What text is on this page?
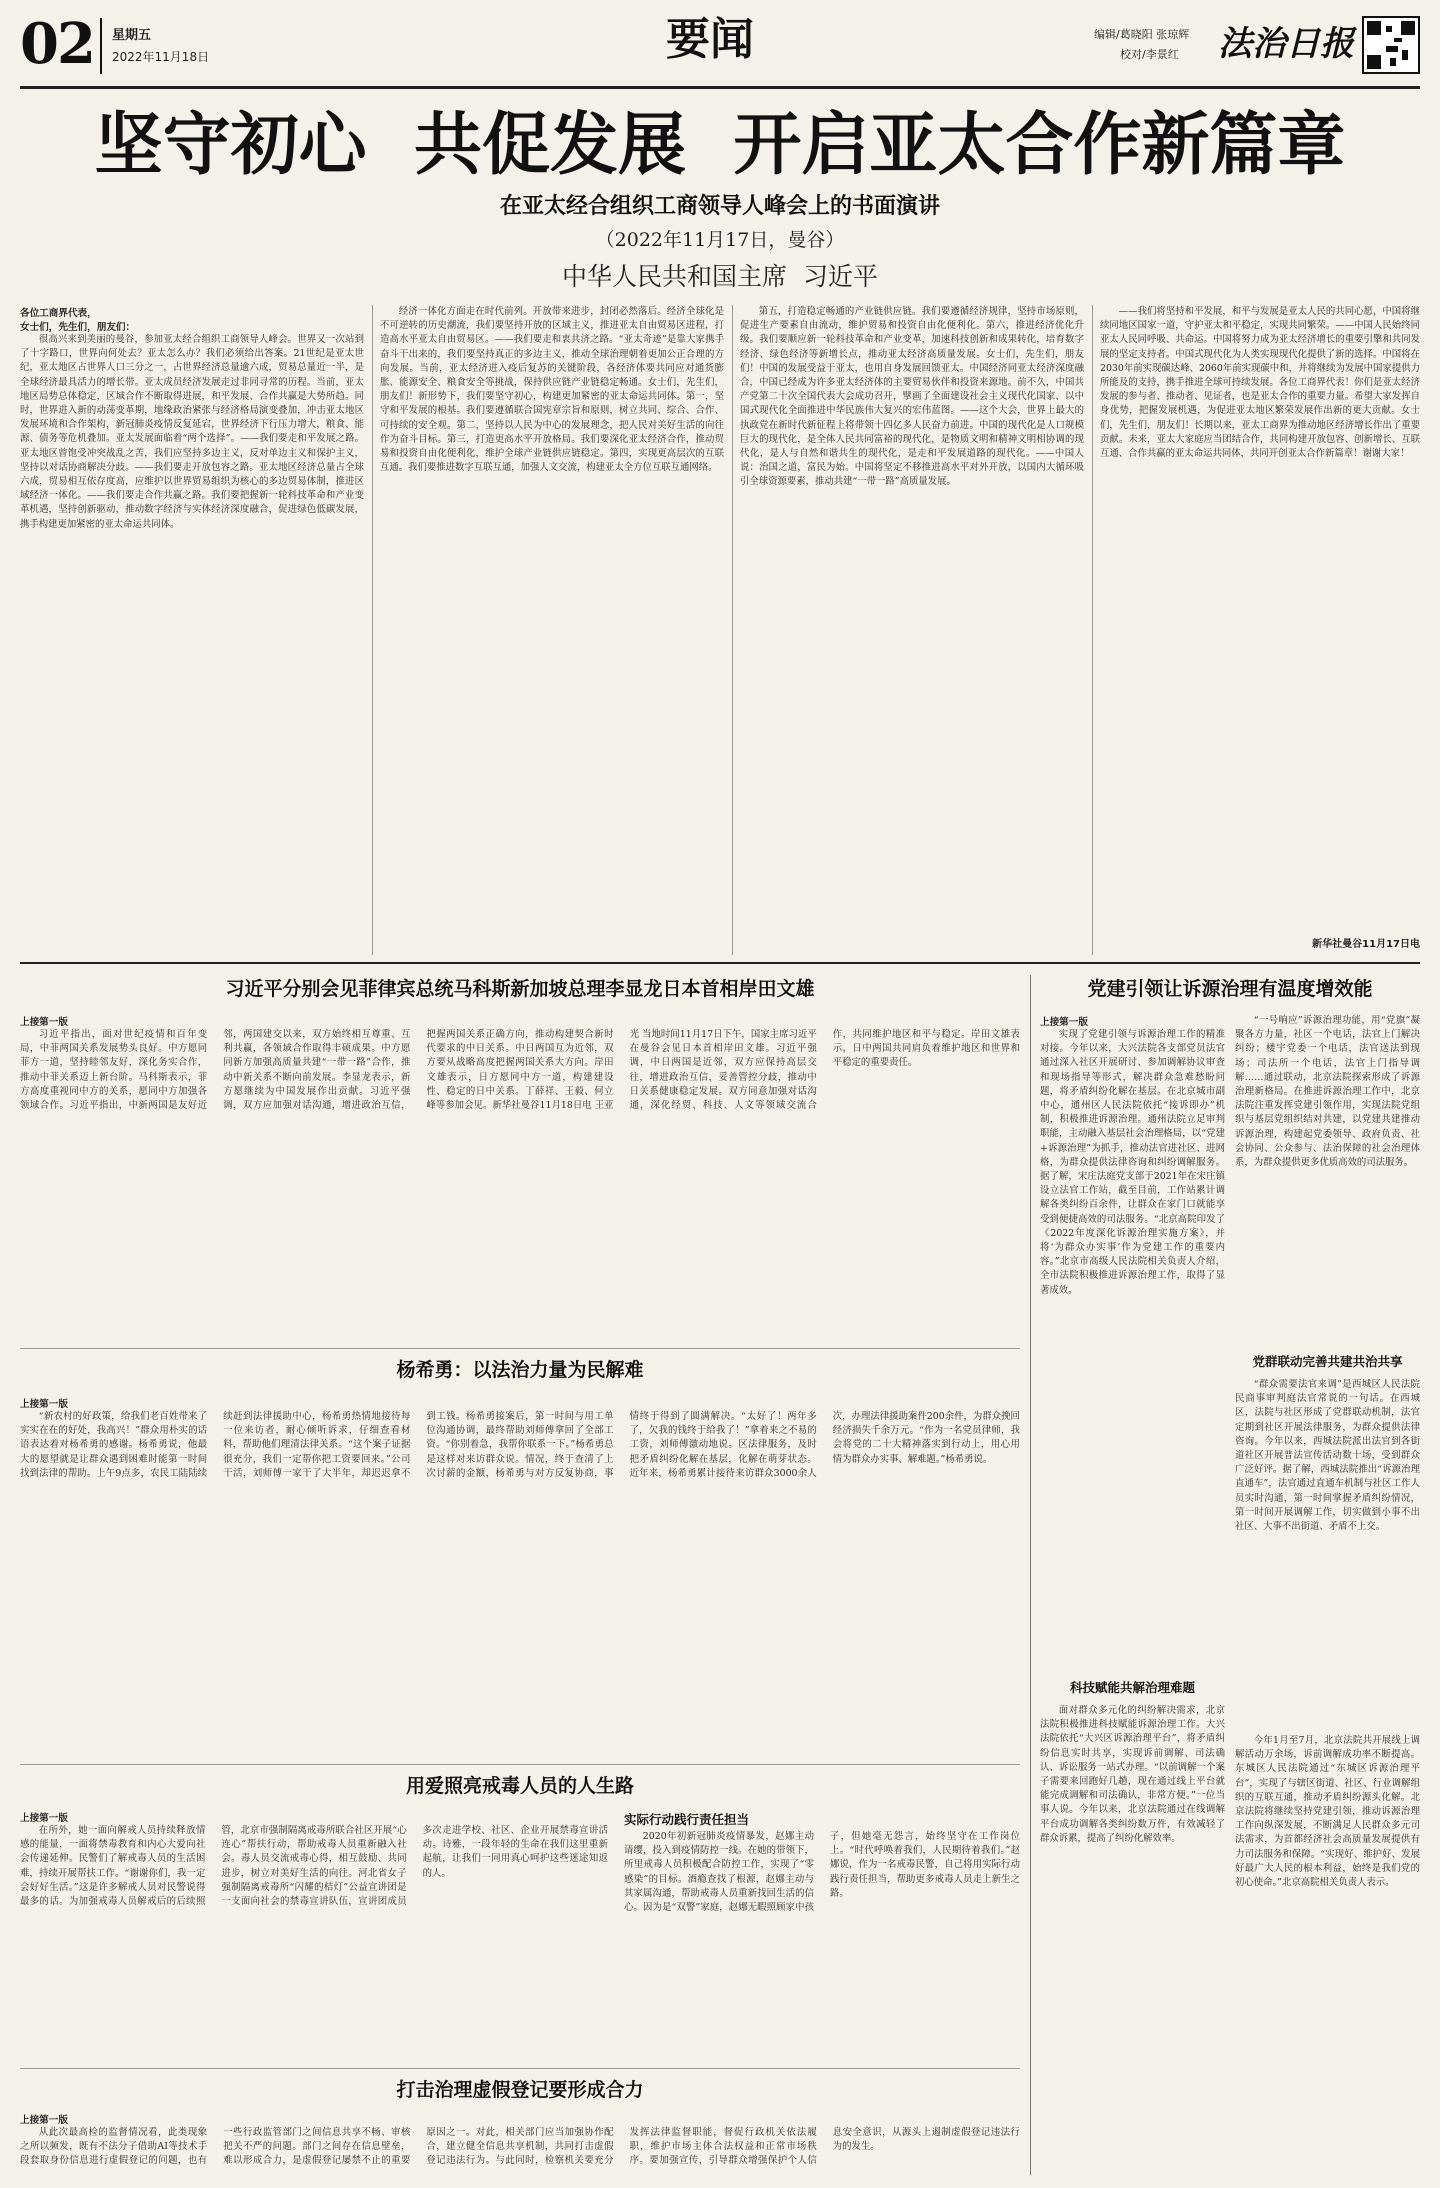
02 星期五
2022年11月18日	要闻	编辑/葛晓阳 张琼辉
校对/李景红 法治日报
坚守初心  共促发展  开启亚太合作新篇章
在亚太经合组织工商领导人峰会上的书面演讲
（2022年11月17日，曼谷）
中华人民共和国主席  习近平
各位工商界代表，
女士们，先生们，朋友们：
很高兴来到美丽的曼谷，参加亚太经合组织工商领导人峰会。世界又一次站到了十字路口，世界向何处去？亚太怎么办？我们必须给出答案。21世纪是亚太世纪，亚太地区占世界人口三分之一，占世界经济总量逾六成，贸易总量近一半，是全球经济最具活力的增长带。亚太成员经济发展走过非同寻常的历程。当前，亚太地区局势总体稳定，区域合作不断取得进展，和平发展、合作共赢是大势所趋。同时，世界进入新的动荡变革期，地缘政治紧张与经济格局演变叠加，冲击亚太地区发展环境和合作架构，新冠肺炎疫情反复延宕，世界经济下行压力增大，粮食、能源、债务等危机叠加。亚太发展面临着“两个选择”。——我们要走和平发展之路。亚太地区曾饱受冲突战乱之苦，我们应坚持多边主义，反对单边主义和保护主义，坚持以对话协商解决分歧。——我们要走开放包容之路。亚太地区经济总量占全球六成，贸易相互依存度高，应维护以世界贸易组织为核心的多边贸易体制，推进区域经济一体化。——我们要走合作共赢之路。我们要把握新一轮科技革命和产业变革机遇，坚持创新驱动，推动数字经济与实体经济深度融合，促进绿色低碳发展，携手构建更加紧密的亚太命运共同体。
经济一体化方面走在时代前列。开放带来进步，封闭必然落后。经济全球化是不可逆转的历史潮流，我们要坚持开放的区域主义，推进亚太自由贸易区进程，打造高水平亚太自由贸易区。——我们要走和衷共济之路。“亚太奇迹”是靠大家携手奋斗干出来的，我们要坚持真正的多边主义，推动全球治理朝着更加公正合理的方向发展。当前，亚太经济进入疫后复苏的关键阶段，各经济体要共同应对通货膨胀、能源安全、粮食安全等挑战，保持供应链产业链稳定畅通。女士们，先生们，朋友们！新形势下，我们要坚守初心，构建更加紧密的亚太命运共同体。第一，坚守和平发展的根基。我们要遵循联合国宪章宗旨和原则，树立共同、综合、合作、可持续的安全观。第二，坚持以人民为中心的发展理念，把人民对美好生活的向往作为奋斗目标。第三，打造更高水平开放格局。我们要深化亚太经济合作，推动贸易和投资自由化便利化，维护全球产业链供应链稳定。第四，实现更高层次的互联互通。我们要推进数字互联互通，加强人文交流，构建亚太全方位互联互通网络。
第五，打造稳定畅通的产业链供应链。我们要遵循经济规律，坚持市场原则，促进生产要素自由流动，维护贸易和投资自由化便利化。第六，推进经济优化升级。我们要顺应新一轮科技革命和产业变革，加速科技创新和成果转化，培育数字经济、绿色经济等新增长点，推动亚太经济高质量发展。女士们，先生们，朋友们！中国的发展受益于亚太，也用自身发展回馈亚太。中国经济同亚太经济深度融合，中国已经成为许多亚太经济体的主要贸易伙伴和投资来源地。前不久，中国共产党第二十次全国代表大会成功召开，擘画了全面建设社会主义现代化国家、以中国式现代化全面推进中华民族伟大复兴的宏伟蓝图。——这个大会，世界上最大的执政党在新时代新征程上将带领十四亿多人民奋力前进。中国的现代化是人口规模巨大的现代化，是全体人民共同富裕的现代化，是物质文明和精神文明相协调的现代化，是人与自然和谐共生的现代化，是走和平发展道路的现代化。——中国人说：治国之道，富民为始。中国将坚定不移推进高水平对外开放，以国内大循环吸引全球资源要素，推动共建“一带一路”高质量发展。
——我们将坚持和平发展，和平与发展是亚太人民的共同心愿，中国将继续同地区国家一道，守护亚太和平稳定，实现共同繁荣。——中国人民始终同亚太人民同呼吸、共命运。中国将努力成为亚太经济增长的重要引擎和共同发展的坚定支持者。中国式现代化为人类实现现代化提供了新的选择。中国将在2030年前实现碳达峰、2060年前实现碳中和，并将继续为发展中国家提供力所能及的支持，携手推进全球可持续发展。各位工商界代表！你们是亚太经济发展的参与者、推动者、见证者，也是亚太合作的重要力量。希望大家发挥自身优势，把握发展机遇，为促进亚太地区繁荣发展作出新的更大贡献。女士们，先生们，朋友们！长期以来，亚太工商界为推动地区经济增长作出了重要贡献。未来，亚太大家庭应当团结合作，共同构建开放包容、创新增长、互联互通、合作共赢的亚太命运共同体，共同开创亚太合作新篇章！谢谢大家！
新华社曼谷11月17日电
习近平分别会见菲律宾总统马科斯新加坡总理李显龙日本首相岸田文雄
上接第一版
习近平指出，面对世纪疫情和百年变局，中菲两国关系发展势头良好。中方愿同菲方一道，坚持睦邻友好，深化务实合作，推动中菲关系迈上新台阶。马科斯表示，菲方高度重视同中方的关系，愿同中方加强各领域合作。习近平指出，中新两国是友好近邻，两国建交以来，双方始终相互尊重、互利共赢，各领域合作取得丰硕成果。中方愿同新方加强高质量共建“一带一路”合作，推动中新关系不断向前发展。李显龙表示，新方愿继续为中国发展作出贡献。习近平强调，双方应加强对话沟通，增进政治互信，把握两国关系正确方向，推动构建契合新时代要求的中日关系。中日两国互为近邻，双方要从战略高度把握两国关系大方向。岸田文雄表示，日方愿同中方一道，构建建设性、稳定的日中关系。丁薛祥、王毅、何立峰等参加会见。新华社曼谷11月18日电 王亚光 当地时间11月17日下午，国家主席习近平在曼谷会见日本首相岸田文雄。习近平强调，中日两国是近邻，双方应保持高层交往，增进政治互信，妥善管控分歧，推动中日关系健康稳定发展。双方同意加强对话沟通，深化经贸、科技、人文等领域交流合作，共同维护地区和平与稳定。岸田文雄表示，日中两国共同肩负着维护地区和世界和平稳定的重要责任。
党建引领让诉源治理有温度增效能
上接第一版
实现了党建引领与诉源治理工作的精准对接。今年以来，大兴法院各支部党员法官通过深入社区开展研讨、参加调解协议审查和现场指导等形式，解决群众急难愁盼问题，将矛盾纠纷化解在基层。在北京城市副中心，通州区人民法院依托“接诉即办”机制，积极推进诉源治理。通州法院立足审判职能，主动融入基层社会治理格局，以“党建+诉源治理”为抓手，推动法官进社区、进网格，为群众提供法律咨询和纠纷调解服务。据了解，宋庄法庭党支部于2021年在宋庄镇设立法官工作站，截至目前，工作站累计调解各类纠纷百余件，让群众在家门口就能享受到便捷高效的司法服务。“北京高院印发了《2022年度深化诉源治理实施方案》，并将‘为群众办实事’作为党建工作的重要内容。”北京市高级人民法院相关负责人介绍，全市法院积极推进诉源治理工作，取得了显著成效。
科技赋能共解治理难题
面对群众多元化的纠纷解决需求，北京法院积极推进科技赋能诉源治理工作。大兴法院依托“大兴区诉源治理平台”，将矛盾纠纷信息实时共享，实现诉前调解、司法确认、诉讼服务一站式办理。“以前调解一个案子需要来回跑好几趟，现在通过线上平台就能完成调解和司法确认，非常方便。”一位当事人说。今年以来，北京法院通过在线调解平台成功调解各类纠纷数万件，有效减轻了群众诉累，提高了纠纷化解效率。
“一号响应”诉源治理功能，用“党旗”凝聚各方力量，社区一个电话，法官上门解决纠纷；楼宇党委一个电话，法官送法到现场；司法所一个电话，法官上门指导调解……通过联动，北京法院探索形成了诉源治理新格局。在推进诉源治理工作中，北京法院注重发挥党建引领作用，实现法院党组织与基层党组织结对共建，以党建共建推动诉源治理，构建起党委领导、政府负责、社会协同、公众参与、法治保障的社会治理体系，为群众提供更多优质高效的司法服务。
党群联动完善共建共治共享
“群众需要法官来调”是西城区人民法院民商事审判庭法官常说的一句话。在西城区，法院与社区形成了党群联动机制，法官定期到社区开展法律服务，为群众提供法律咨询。今年以来，西城法院派出法官到各街道社区开展普法宣传活动数十场，受到群众广泛好评。据了解，西城法院推出“诉源治理直通车”，法官通过直通车机制与社区工作人员实时沟通，第一时间掌握矛盾纠纷情况，第一时间开展调解工作，切实做到小事不出社区、大事不出街道、矛盾不上交。
今年1月至7月，北京法院共开展线上调解活动万余场，诉前调解成功率不断提高。东城区人民法院通过“东城区诉源治理平台”，实现了与辖区街道、社区、行业调解组织的互联互通，推动矛盾纠纷源头化解。北京法院将继续坚持党建引领，推动诉源治理工作向纵深发展，不断满足人民群众多元司法需求，为首都经济社会高质量发展提供有力司法服务和保障。“实现好、维护好、发展好最广大人民的根本利益，始终是我们党的初心使命。”北京高院相关负责人表示。
杨希勇：以法治力量为民解难
上接第一版
“新农村的好政策，给我们老百姓带来了实实在在的好处，我高兴！”群众用朴实的话语表达着对杨希勇的感谢。杨希勇说，他最大的愿望就是让群众遇到困难时能第一时间找到法律的帮助。上午9点多，农民工陆陆续续赶到法律援助中心，杨希勇热情地接待每一位来访者，耐心倾听诉求，仔细查看材料，帮助他们理清法律关系。“这个案子证据很充分，我们一定帮你把工资要回来。”公司干活，刘师傅一家干了大半年，却迟迟拿不到工钱。杨希勇接案后，第一时间与用工单位沟通协调，最终帮助刘师傅拿回了全部工资。“你别着急，我帮你联系一下。”杨希勇总是这样对来访群众说。情况，终于查清了上次讨薪的金额，杨希勇与对方反复协商，事情终于得到了圆满解决。“太好了！两年多了，欠我的钱终于给我了！”拿着来之不易的工资，刘师傅激动地说。区法律服务，及时把矛盾纠纷化解在基层，化解在萌芽状态。近年来，杨希勇累计接待来访群众3000余人次，办理法律援助案件200余件，为群众挽回经济损失千余万元。“作为一名党员律师，我会将党的二十大精神落实到行动上，用心用情为群众办实事、解难题。”杨希勇说。
用爱照亮戒毒人员的人生路
上接第一版
在所外，她一面向解戒人员持续释放情感的能量，一面将禁毒教育和内心大爱向社会传递延伸。民警们了解戒毒人员的生活困难，持续开展帮扶工作。“谢谢你们，我一定会好好生活。”这是许多解戒人员对民警说得最多的话。为加强戒毒人员解戒后的后续照管，北京市强制隔离戒毒所联合社区开展“心连心”帮扶行动，帮助戒毒人员重新融入社会。毒人员交流戒毒心得，相互鼓励、共同进步，树立对美好生活的向往。河北省女子强制隔离戒毒所“闪耀的桔灯”公益宣讲团是一支面向社会的禁毒宣讲队伍，宣讲团成员多次走进学校、社区、企业开展禁毒宣讲活动。诗雅，一段年轻的生命在我们这里重新起航，让我们一同用真心呵护这些迷途知返的人。
实际行动践行责任担当
2020年初新冠肺炎疫情暴发，赵娜主动请缨，投入到疫情防控一线。在她的带领下，所里戒毒人员积极配合防控工作，实现了“零感染”的目标。酒瘾查找了根源，赵娜主动与其家属沟通，帮助戒毒人员重新找回生活的信心。因为是“双警”家庭，赵娜无暇照顾家中孩子，但她毫无怨言，始终坚守在工作岗位上。“时代呼唤着我们，人民期待着我们。”赵娜说，作为一名戒毒民警，自己将用实际行动践行责任担当，帮助更多戒毒人员走上新生之路。
打击治理虚假登记要形成合力
上接第一版
从此次最高检的监督情况看，此类现象之所以频发，既有不法分子借助AI等技术手段套取身份信息进行虚假登记的问题，也有一些行政监管部门之间信息共享不畅、审核把关不严的问题。部门之间存在信息壁垒，难以形成合力，是虚假登记屡禁不止的重要原因之一。对此，相关部门应当加强协作配合，建立健全信息共享机制，共同打击虚假登记违法行为。与此同时，检察机关要充分发挥法律监督职能，督促行政机关依法履职，维护市场主体合法权益和正常市场秩序。要加强宣传，引导群众增强保护个人信息安全意识，从源头上遏制虚假登记违法行为的发生。
